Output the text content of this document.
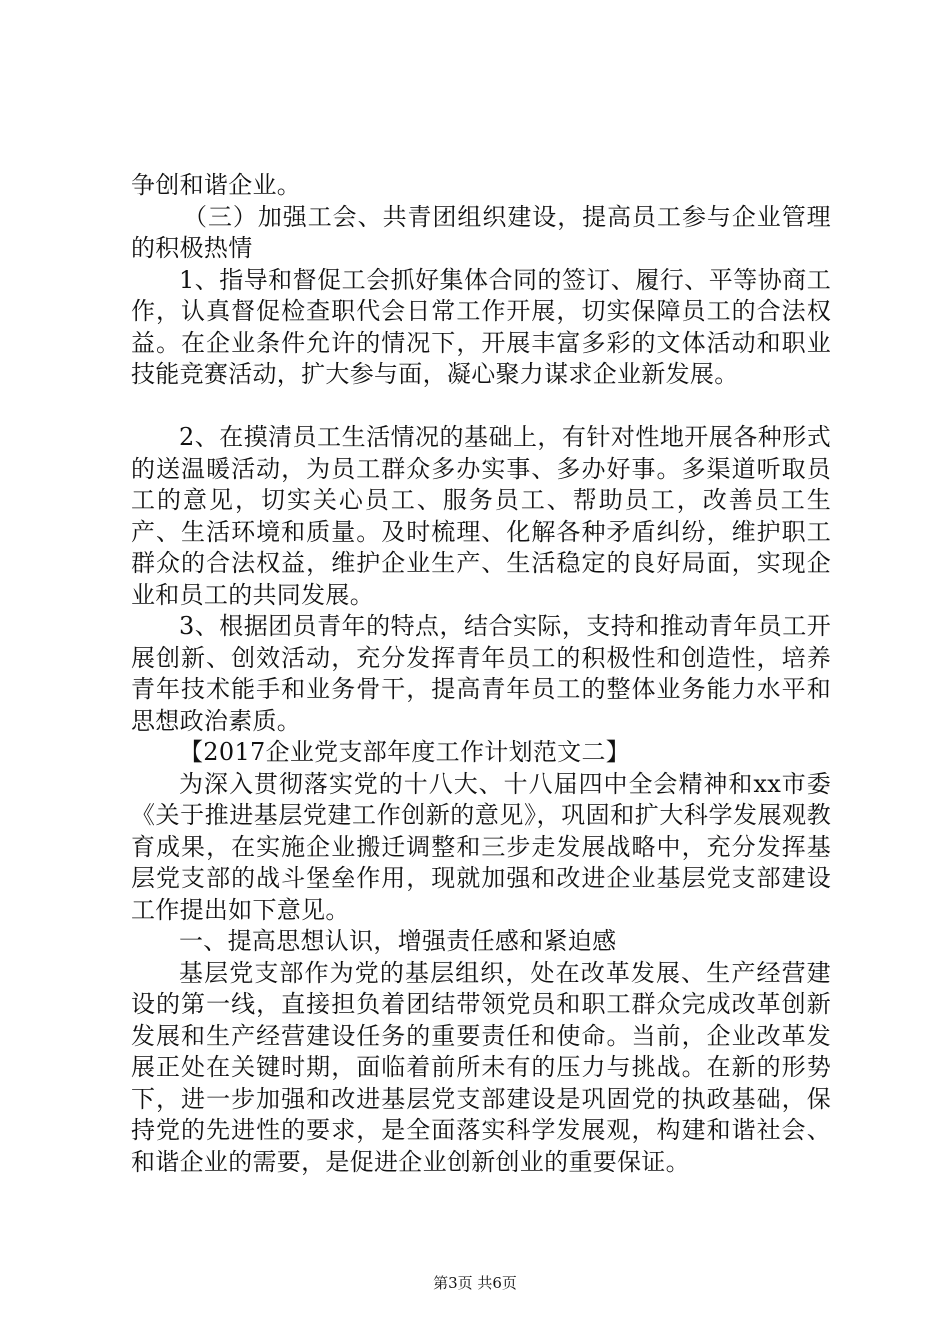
争创和谐企业。

（三）加强工会、共青团组织建设，提高员工参与企业管理的积极热情

1、指导和督促工会抓好集体合同的签订、履行、平等协商工作，认真督促检查职代会日常工作开展，切实保障员工的合法权益。在企业条件允许的情况下，开展丰富多彩的文体活动和职业技能竞赛活动，扩大参与面，凝心聚力谋求企业新发展。

2、在摸清员工生活情况的基础上，有针对性地开展各种形式的送温暖活动，为员工群众多办实事、多办好事。多渠道听取员工的意见，切实关心员工、服务员工、帮助员工，改善员工生产、生活环境和质量。及时梳理、化解各种矛盾纠纷，维护职工群众的合法权益，维护企业生产、生活稳定的良好局面，实现企业和员工的共同发展。

3、根据团员青年的特点，结合实际，支持和推动青年员工开展创新、创效活动，充分发挥青年员工的积极性和创造性，培养青年技术能手和业务骨干，提高青年员工的整体业务能力水平和思想政治素质。

【2017企业党支部年度工作计划范文二】

为深入贯彻落实党的十八大、十八届四中全会精神和xx市委《关于推进基层党建工作创新的意见》，巩固和扩大科学发展观教育成果，在实施企业搬迁调整和三步走发展战略中，充分发挥基层党支部的战斗堡垒作用，现就加强和改进企业基层党支部建设工作提出如下意见。

一、提高思想认识，增强责任感和紧迫感

基层党支部作为党的基层组织，处在改革发展、生产经营建设的第一线，直接担负着团结带领党员和职工群众完成改革创新发展和生产经营建设任务的重要责任和使命。当前，企业改革发展正处在关键时期，面临着前所未有的压力与挑战。在新的形势下，进一步加强和改进基层党支部建设是巩固党的执政基础，保持党的先进性的要求，是全面落实科学发展观，构建和谐社会、和谐企业的需要，是促进企业创新创业的重要保证。

第3页 共6页
